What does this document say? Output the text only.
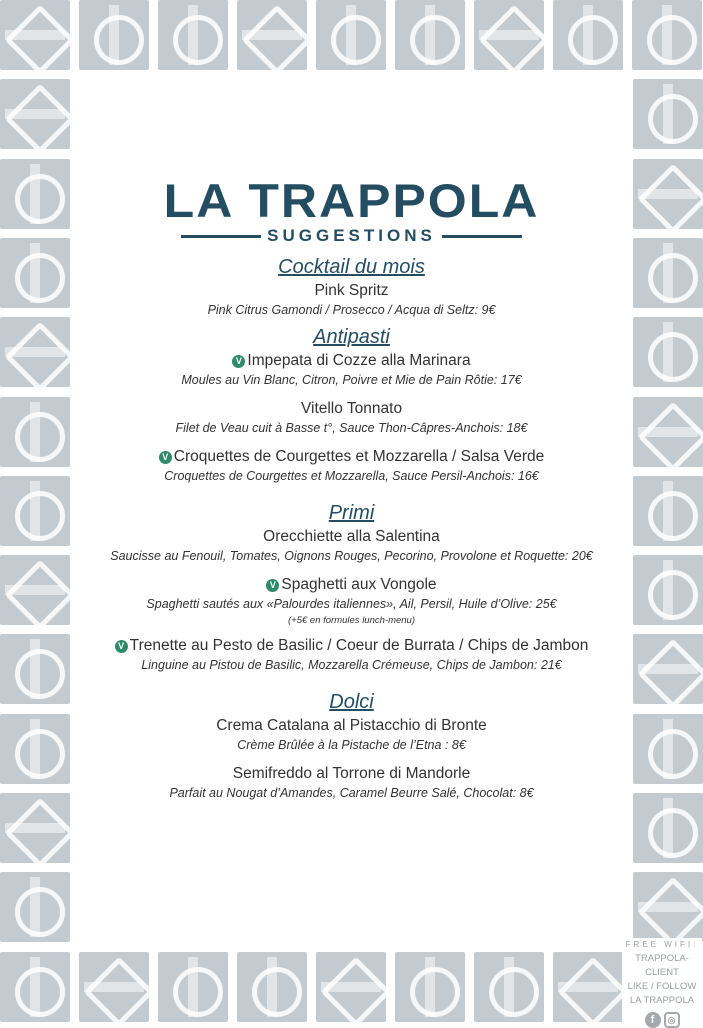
FREE WIFI:
TRAPPOLA-CLIENT
LIKE / FOLLOW
LA TRAPPOLA
f	◎
LA TRAPPOLA
SUGGESTIONS
Cocktail du mois
Pink Spritz
Pink Citrus Gamondi / Prosecco / Acqua di Seltz: 9€
Antipasti
V Impepata di Cozze alla Marinara
Moules au Vin Blanc, Citron, Poivre et Mie de Pain Rôtie: 17€
Vitello Tonnato
Filet de Veau cuit à Basse t°, Sauce Thon-Câpres-Anchois: 18€
V Croquettes de Courgettes et Mozzarella / Salsa Verde
Croquettes de Courgettes et Mozzarella, Sauce Persil-Anchois: 16€
Primi
Orecchiette alla Salentina
Saucisse au Fenouil, Tomates, Oignons Rouges, Pecorino, Provolone et Roquette: 20€
V Spaghetti aux Vongole
Spaghetti sautés aux «Palourdes italiennes», Ail, Persil, Huile d’Olive: 25€
(+5€ en formules lunch-menu)
V Trenette au Pesto de Basilic / Coeur de Burrata / Chips de Jambon
Linguine au Pistou de Basilic, Mozzarella Crémeuse, Chips de Jambon: 21€
Dolci
Crema Catalana al Pistacchio di Bronte
Crème Brûlée à la Pistache de l’Etna : 8€
Semifreddo al Torrone di Mandorle
Parfait au Nougat d’Amandes, Caramel Beurre Salé, Chocolat: 8€
